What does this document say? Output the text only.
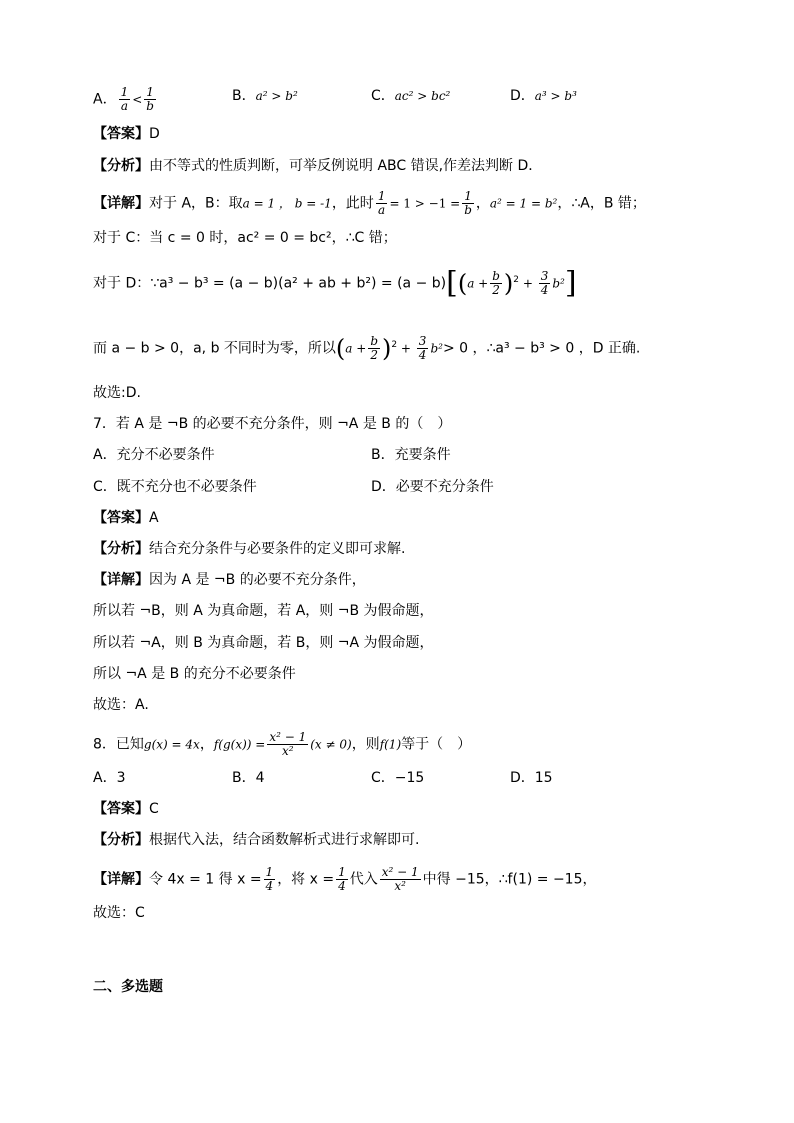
A． $\frac{1}{a} < \frac{1}{b}$	B．a² > b²	C．ac² > bc²	D．a³ > b³
【答案】D
【分析】由不等式的性质判断，可举反例说明 ABC 错误,作差法判断 D．
【详解】对于 A，B：取a = 1 ， b = -1，此时 $\frac{1}{a} = 1 > -1 = \frac{1}{b}$ ，a² = 1 = b²，∴A，B 错；
对于 C：当 c = 0 时，ac² = 0 = bc²，∴C 错；
对于 D：∵a³ − b³ = (a − b)(a² + ab + $b^2) = (a - b)[(a + \frac{b}{2} )^2 + \frac{3}{4} b^2]$
而 a − b > 0，a, b 不同时为零，所以$(a + \frac{b}{2} )^2 + \frac{3}{4} b^2> 0$ ，∴a³ − b³ > 0 ，D 正确.
故选:D.
7．若 A 是 ¬B 的必要不充分条件，则 ¬A 是 B 的（　）
A．充分不必要条件	B．充要条件
C．既不充分也不必要条件	D．必要不充分条件
【答案】A
【分析】结合充分条件与必要条件的定义即可求解.
【详解】因为 A 是 ¬B 的必要不充分条件，
所以若 ¬B，则 A 为真命题，若 A，则 ¬B 为假命题，
所以若 ¬A，则 B 为真命题，若 B，则 ¬A 为假命题，
所以 ¬A 是 B 的充分不必要条件
故选：A.
8．已知g(x) = 4x，$f(g(x)) = \frac{\text{x² − 1}}{\text{x²}} (x \ne 0)$，则f(1)等于（　）
A．3	B．4	C．−15	D．15
【答案】C
【分析】根据代入法，结合函数解析式进行求解即可.
【详解】令 4x = 1 得 $x = \frac{1}{4}$ ，将 $x = \frac{1}{4}$ 代入 $\frac{\text{x² − 1}}{\text{x²}}$ 中得 −15，∴f(1) = −15，
故选：C
二、多选题
